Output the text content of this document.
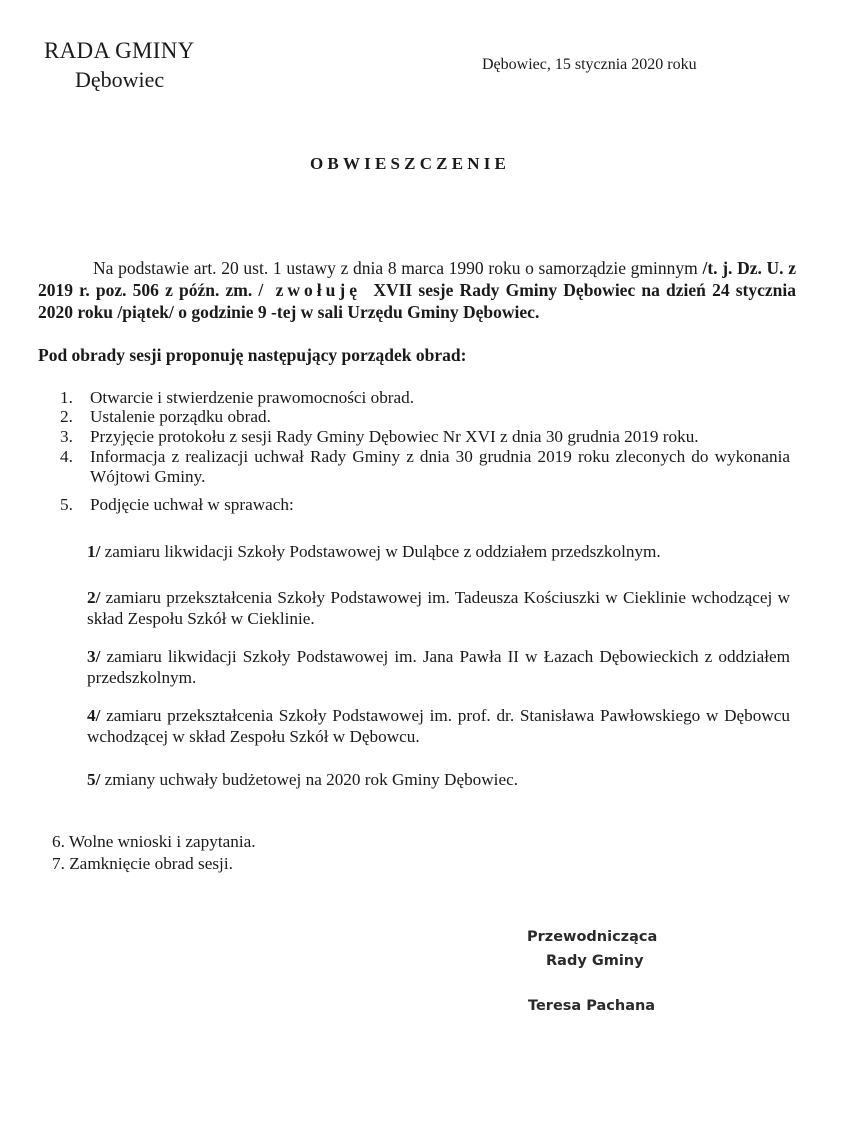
RADA GMINY
Dębowiec
Dębowiec, 15 stycznia 2020 roku
OBWIESZCZENIE
Na podstawie art. 20 ust. 1 ustawy z dnia 8 marca 1990 roku o samorządzie gminnym /t. j. Dz. U. z 2019 r. poz. 506 z późn. zm. / zwołuję XVII sesje Rady Gminy Dębowiec na dzień 24 stycznia 2020 roku /piątek/ o godzinie 9 -tej w sali Urzędu Gminy Dębowiec.
Pod obrady sesji proponuję następujący porządek obrad:
1. Otwarcie i stwierdzenie prawomocności obrad.
2. Ustalenie porządku obrad.
3. Przyjęcie protokołu z sesji Rady Gminy Dębowiec Nr XVI z dnia 30 grudnia 2019 roku.
4. Informacja z realizacji uchwał Rady Gminy z dnia 30 grudnia 2019 roku zleconych do wykonania Wójtowi Gminy.
5. Podjęcie uchwał w sprawach:
1/ zamiaru likwidacji Szkoły Podstawowej w Duląbce z oddziałem przedszkolnym.
2/ zamiaru przekształcenia Szkoły Podstawowej im. Tadeusza Kościuszki w Cieklinie wchodzącej w skład Zespołu Szkół w Cieklinie.
3/ zamiaru likwidacji Szkoły Podstawowej im. Jana Pawła II w Łazach Dębowieckich z oddziałem przedszkolnym.
4/ zamiaru przekształcenia Szkoły Podstawowej im. prof. dr. Stanisława Pawłowskiego w Dębowcu wchodzącej w skład Zespołu Szkół w Dębowcu.
5/ zmiany uchwały budżetowej na 2020 rok Gminy Dębowiec.
6. Wolne wnioski i zapytania.
7. Zamknięcie obrad sesji.
Przewodnicząca
Rady Gminy
Teresa Pachana
